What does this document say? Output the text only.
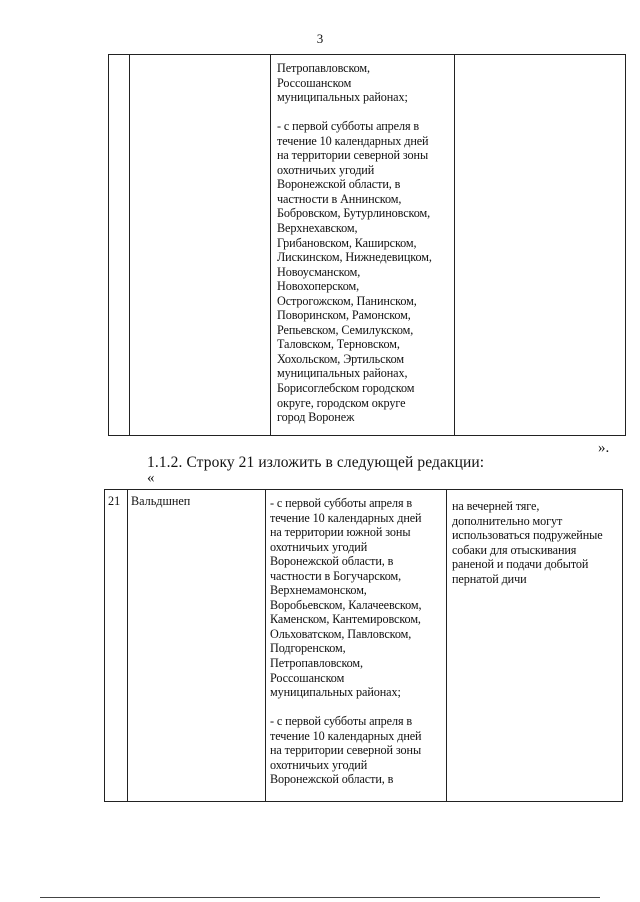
3

Петропавловском,
Россошанском
муниципальных районах;

- с первой субботы апреля в
течение 10 календарных дней
на территории северной зоны
охотничьих угодий
Воронежской области, в
частности в Аннинском,
Бобровском, Бутурлиновском,
Верхнехавском,
Грибановском, Каширском,
Лискинском, Нижнедевицком,
Новоусманском,
Новохоперском,
Острогожском, Панинском,
Поворинском, Рамонском,
Репьевском, Семилукском,
Таловском, Терновском,
Хохольском, Эртильском
муниципальных районах,
Борисоглебском городском
округе, городском округе
город Воронеж

».
1.1.2. Строку 21 изложить в следующей редакции:
«
21 Вальдшнеп	- с первой субботы апреля в
течение 10 календарных дней
на территории южной зоны
охотничьих угодий
Воронежской области, в
частности в Богучарском,
Верхнемамонском,
Воробьевском, Калачеевском,
Каменском, Кантемировском,
Ольховатском, Павловском,
Подгоренском,
Петропавловском,
Россошанском
муниципальных районах;

- с первой субботы апреля в
течение 10 календарных дней
на территории северной зоны
охотничьих угодий
Воронежской области, в

на вечерней тяге,
дополнительно могут
использоваться подружейные
собаки для отыскивания
раненой и подачи добытой
пернатой дичи
